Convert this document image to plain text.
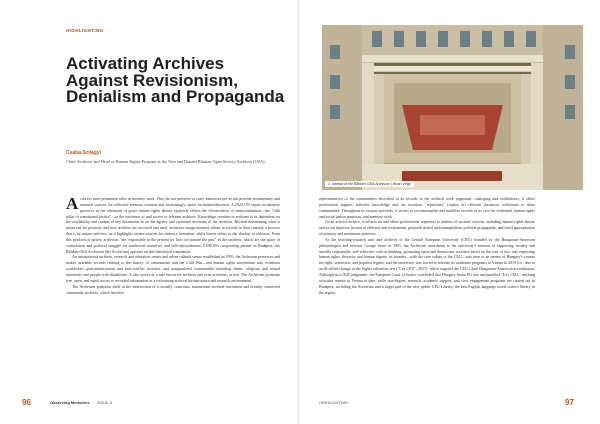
HIGHLIGHTING
Activating Archives Against Revisionism, Denialism and Propaganda
Csaba Szilágyi
Chief Archivist and Head of Human Rights Program at the Vera and Donald Blinken Open Society Archives (OSA)

Archives have prominent roles in memory work. They do not preserve or carry memories per se but provide documentary and material sources for collective memory creation and, increasingly, space for memorialization. A 2024 UN report on memory practices in the aftermath of grave human rights abuses explicitly relates the effectiveness of memorialization—the "fifth pillar of transitional justice"—to the existence of and access to relevant archives. Knowledge creation in archives is as dependent on the availability and content of key documents as on the agency and curatorial decisions of the archivist. Beyond determining what is preserved for posterity and how archives are accessed and used, archivists assign memory values to records in their custody, a process that is by nature selective, as it highlights certain sources for memory formation, while leaves others in the shadow of oblivion. From this position of power, archivists "are responsible in the present for how we narrate the past" in the archives, which are the space of contestation and political struggle for multivocal narratives and self-representation. EURON's cooperating partner in Budapest, the Blinken OSA Archivum (the Archivum) operates on this theoretical foundation.

An international archives, research and education center and urban cultural venue established in 1995, the Archivum preserves and makes available records relating to the history of communism and the Cold War—and human rights movements and violations worldwide—post-authoritarian and post-conflict societies, and marginalized communities including ethnic, religious and sexual minorities and people with disabilities. It also serves as a safe haven for archives and even archivists at risk. The Archivum promotes free, open, and equal access to recorded information in a welcoming archival infrastructure and research environment.

The Archivum positions itself at the intersection of a socially conscious, mainstream archival institution and broadly conceived community archives, which involves

96	Observing Memories ISSUE 6
1. Interior of the Blinken OSA Archivum | Brian Vége

representatives of the communities described in its records in the archival work (appraisal, cataloging and exhibitions). It offers professional support, transfers knowledge and, on occasion, "repatriates" (copies of) relevant document collections to these communities. Throughout its various activities, it strives to recontextualize and mobilize records in its care for evidential, human rights and social justice purposes, and memory work.

As an activist archive, it reflects on and offers professional responses to matters of societal concern, including human rights abuses and social injustice, historical oblivion and revisionism, genocide denial and triumphalism, political propaganda, and (mis) appropriation of memory and mnemonic practices.

As the teaching-research unit and archives of the Central European University (CEU) founded by the Hungarian-American philanthropist and investor George Soros in 1991, the Archivum contributes to the university's mission of supporting socially and morally responsible, self-reflective critical thinking, promoting open and democratic societies based on the rule of law, and respecting human rights, diversity and human dignity, its founder—with the core values of the CEU—was seen as an enemy of Hungary's current far-right, xenocratic, and populist regime, and the university was forced to relocate its academic programs to Vienna in 2019 (i.e., due to an ill-willed change in the higher education law ("Lex CEU", 2017), which targeted the CEU's dual Hungarian-American accreditation. Although in a 2020 judgement, the European Court of Justice concluded that Hungary broke EU law and annulled "Lex CEU," teaching activities remain in Vienna to date, while non-degree, research, academic support, and civic engagement programs are carried out in Budapest, including the Archivum and a larger part of the new public CEU Library, the best English language social science library in the region.

HIGHLIGHTING	97
